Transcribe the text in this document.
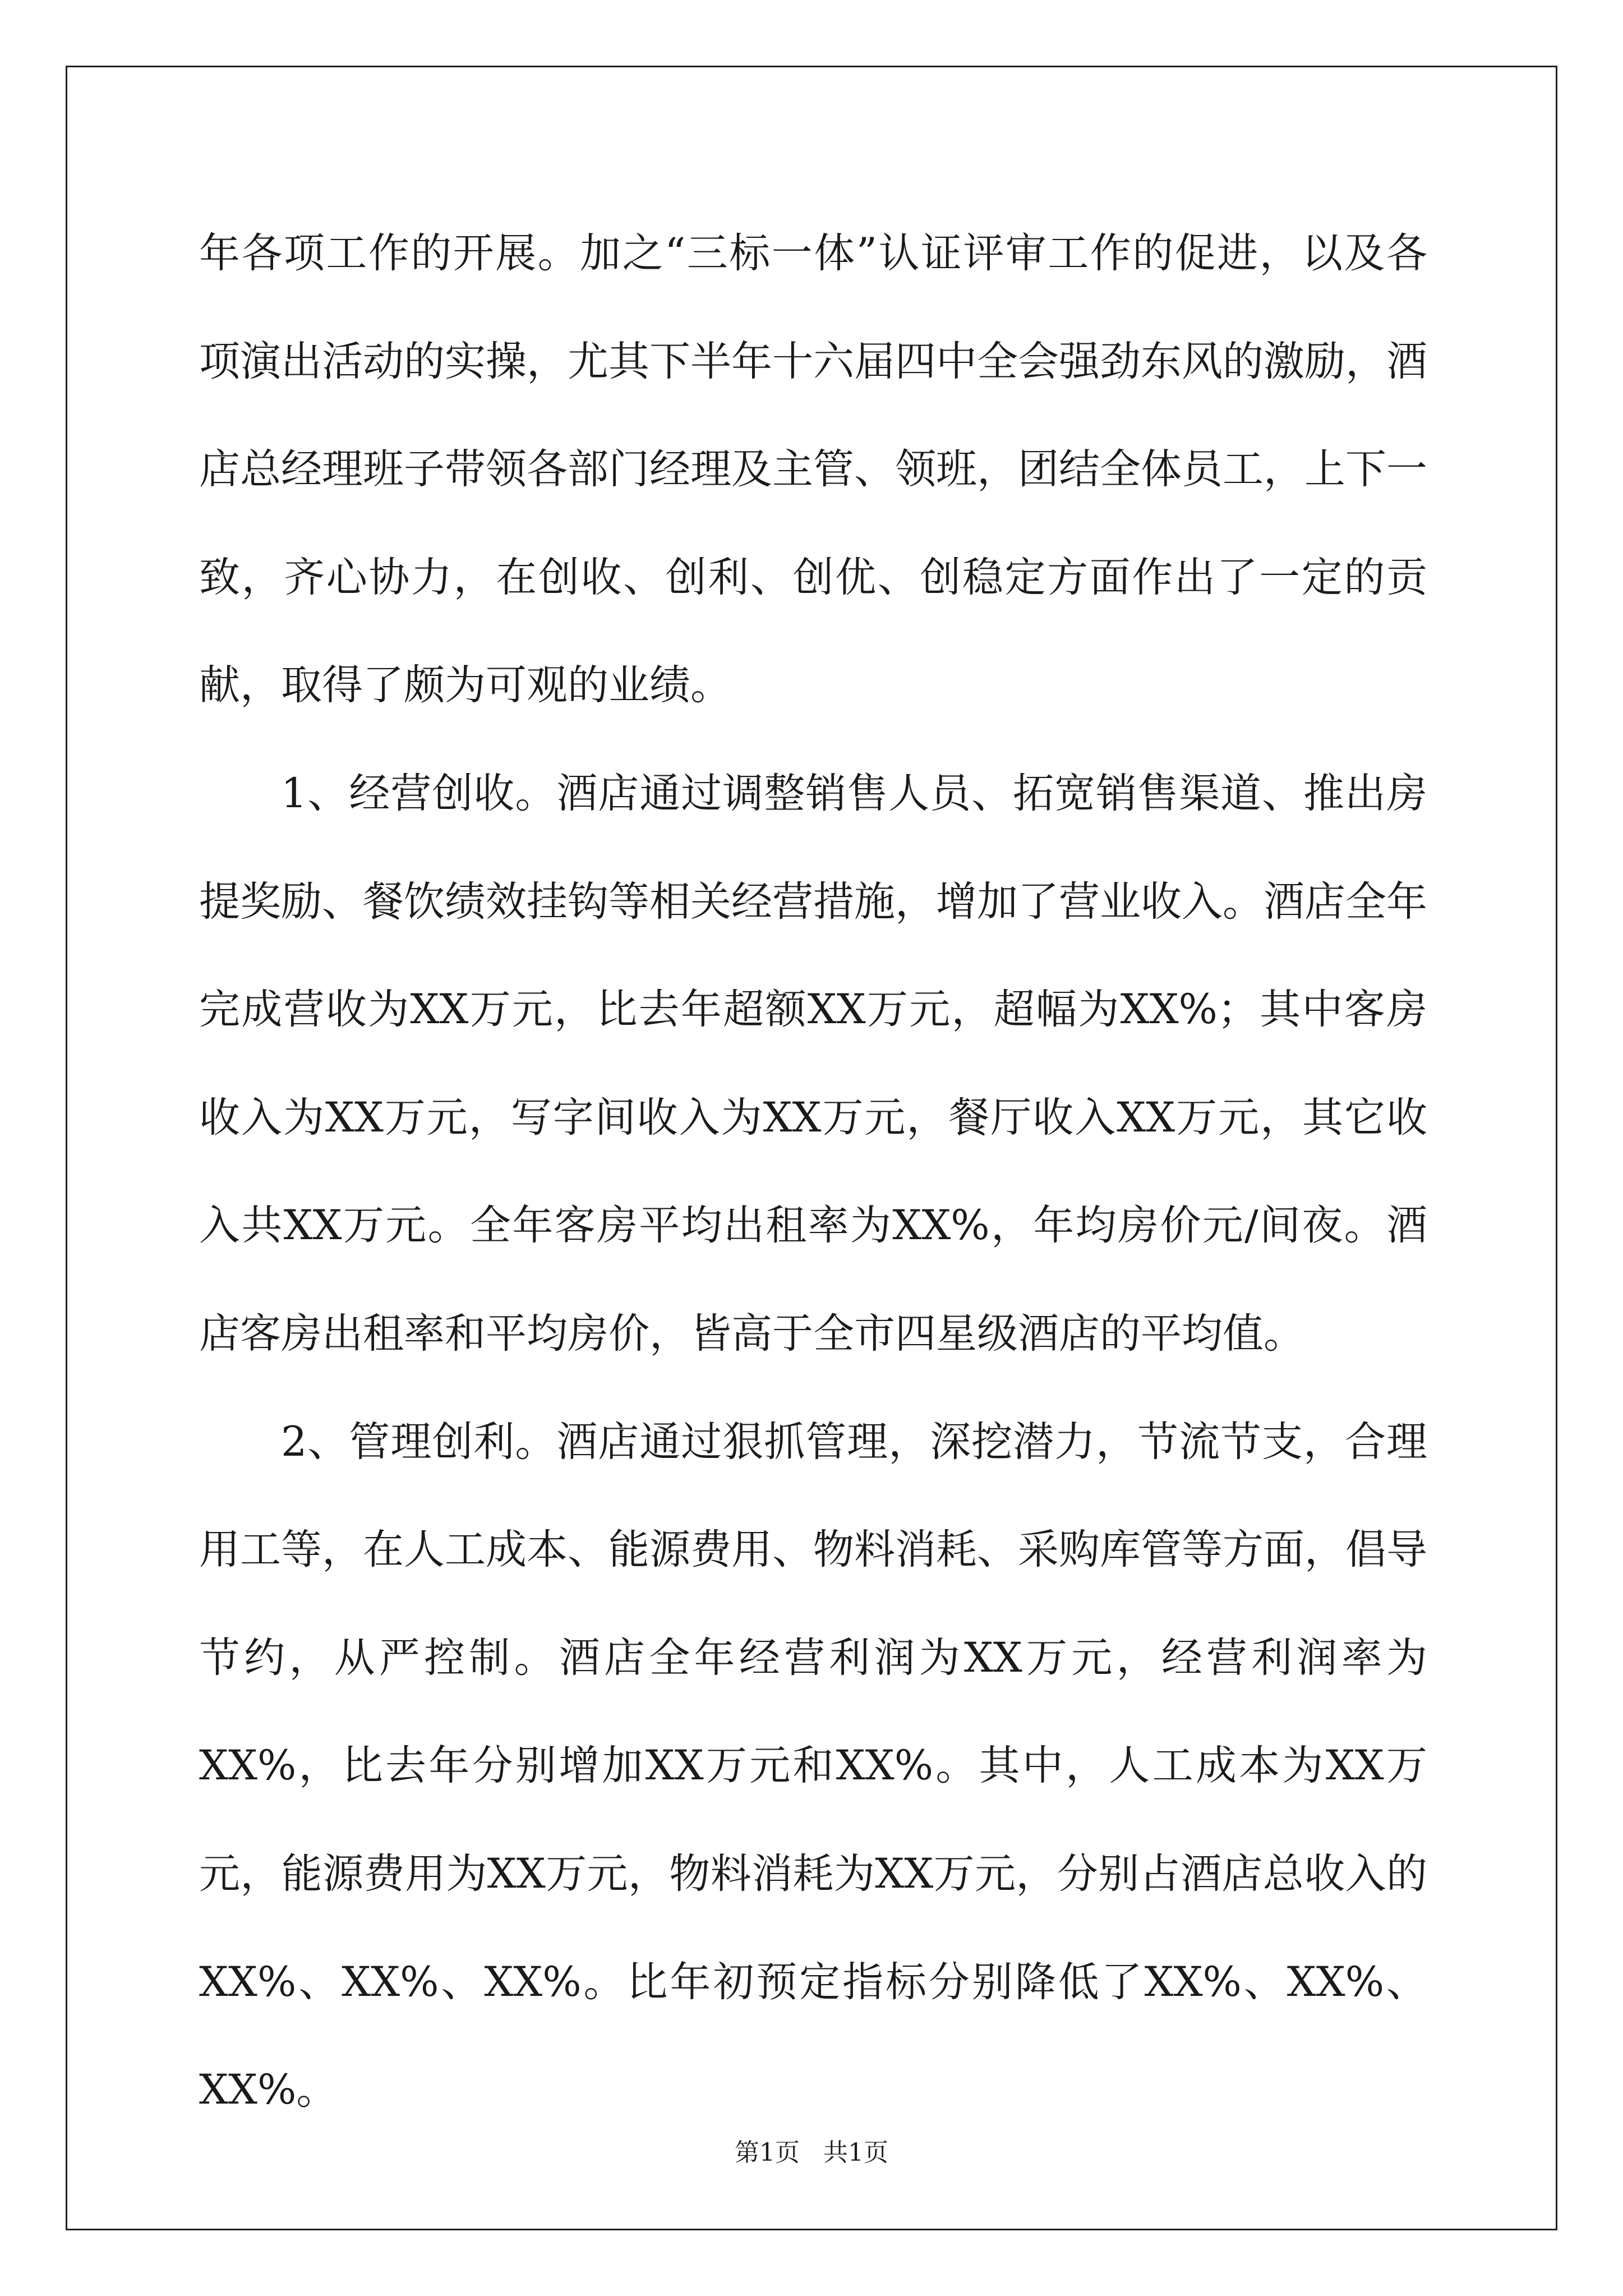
年各项工作的开展。加之“三标一体”认证评审工作的促进，以及各项演出活动的实操，尤其下半年十六届四中全会强劲东风的激励，酒店总经理班子带领各部门经理及主管、领班，团结全体员工，上下一致，齐心协力，在创收、创利、创优、创稳定方面作出了一定的贡献，取得了颇为可观的业绩。

1、经营创收。酒店通过调整销售人员、拓宽销售渠道、推出房提奖励、餐饮绩效挂钩等相关经营措施，增加了营业收入。酒店全年完成营收为XX万元，比去年超额XX万元，超幅为XX%；其中客房收入为XX万元，写字间收入为XX万元，餐厅收入XX万元，其它收入共XX万元。全年客房平均出租率为XX%，年均房价元/间夜。酒店客房出租率和平均房价，皆高于全市四星级酒店的平均值。

2、管理创利。酒店通过狠抓管理，深挖潜力，节流节支，合理用工等，在人工成本、能源费用、物料消耗、采购库管等方面，倡导节约，从严控制。酒店全年经营利润为XX万元，经营利润率为XX%，比去年分别增加XX万元和XX%。其中，人工成本为XX万元，能源费用为XX万元，物料消耗为XX万元，分别占酒店总收入的XX%、XX%、XX%。比年初预定指标分别降低了XX%、XX%、XX%。

第1页 共1页
